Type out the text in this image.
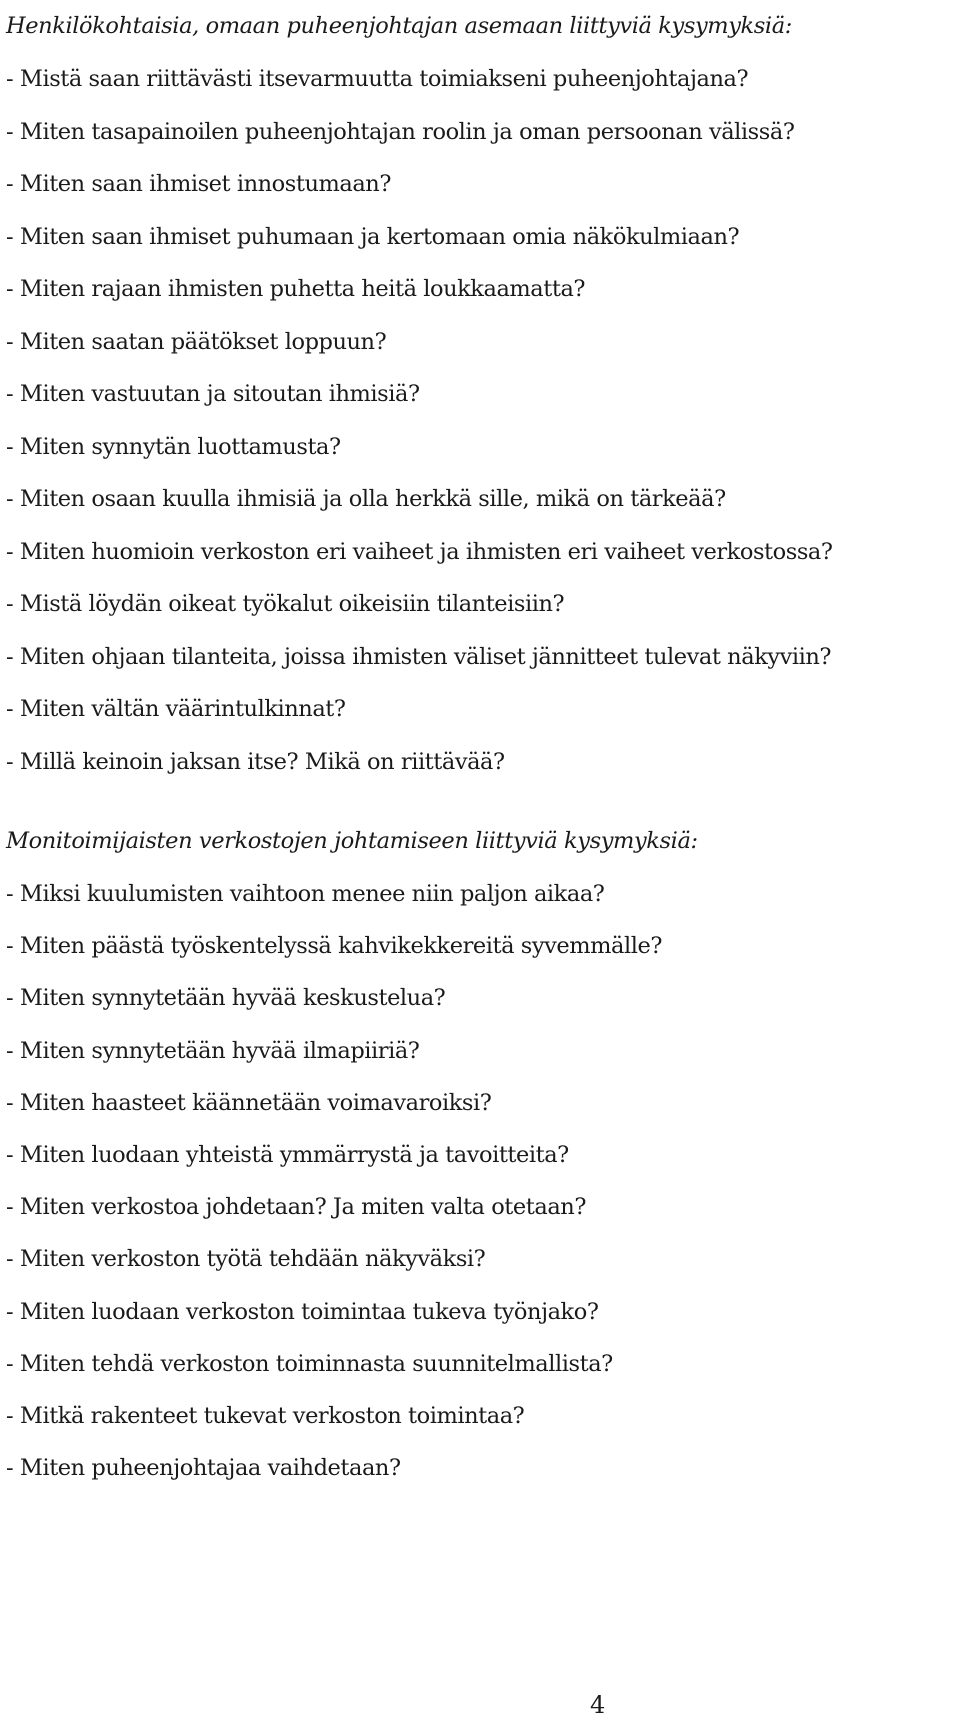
Henkilökohtaisia, omaan puheenjohtajan asemaan liittyviä kysymyksiä:
- Mistä saan riittävästi itsevarmuutta toimiakseni puheenjohtajana?
- Miten tasapainoilen puheenjohtajan roolin ja oman persoonan välissä?
- Miten saan ihmiset innostumaan?
- Miten saan ihmiset puhumaan ja kertomaan omia näkökulmiaan?
- Miten rajaan ihmisten puhetta heitä loukkaamatta?
- Miten saatan päätökset loppuun?
- Miten vastuutan ja sitoutan ihmisiä?
- Miten synnytän luottamusta?
- Miten osaan kuulla ihmisiä ja olla herkkä sille, mikä on tärkeää?
- Miten huomioin verkoston eri vaiheet ja ihmisten eri vaiheet verkostossa?
- Mistä löydän oikeat työkalut oikeisiin tilanteisiin?
- Miten ohjaan tilanteita, joissa ihmisten väliset jännitteet tulevat näkyviin?
- Miten vältän väärintulkinnat?
- Millä keinoin jaksan itse? Mikä on riittävää?
Monitoimijaisten verkostojen johtamiseen liittyviä kysymyksiä:
- Miksi kuulumisten vaihtoon menee niin paljon aikaa?
- Miten päästä työskentelyssä kahvikekkereitä syvemmälle?
- Miten synnytetään hyvää keskustelua?
- Miten synnytetään hyvää ilmapiiriä?
- Miten haasteet käännetään voimavaroiksi?
- Miten luodaan yhteistä ymmärrystä ja tavoitteita?
- Miten verkostoa johdetaan? Ja miten valta otetaan?
- Miten verkoston työtä tehdään näkyväksi?
- Miten luodaan verkoston toimintaa tukeva työnjako?
- Miten tehdä verkoston toiminnasta suunnitelmallista?
- Mitkä rakenteet tukevat verkoston toimintaa?
- Miten puheenjohtajaa vaihdetaan?
4
